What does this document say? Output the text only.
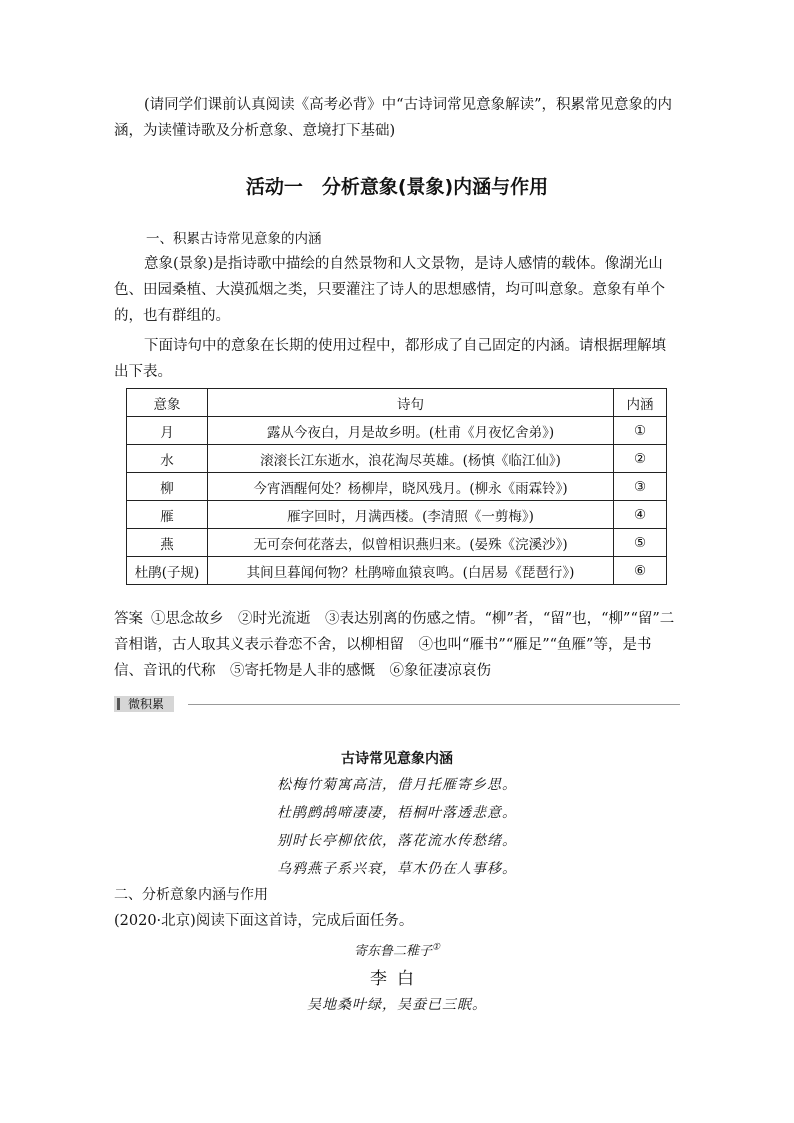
(请同学们课前认真阅读《高考必背》中“古诗词常见意象解读”，积累常见意象的内涵，为读懂诗歌及分析意象、意境打下基础)

活动一　分析意象(景象)内涵与作用

一、积累古诗常见意象的内涵

意象(景象)是指诗歌中描绘的自然景物和人文景物，是诗人感情的载体。像湖光山色、田园桑植、大漠孤烟之类，只要灌注了诗人的思想感情，均可叫意象。意象有单个的，也有群组的。

下面诗句中的意象在长期的使用过程中，都形成了自己固定的内涵。请根据理解填出下表。

意象	诗句	内涵
月	露从今夜白，月是故乡明。(杜甫《月夜忆舍弟》)	①
水	滚滚长江东逝水，浪花淘尽英雄。(杨慎《临江仙》)	②
柳	今宵酒醒何处？杨柳岸，晓风残月。(柳永《雨霖铃》)	③
雁	雁字回时，月满西楼。(李清照《一剪梅》)	④
燕	无可奈何花落去，似曾相识燕归来。(晏殊《浣溪沙》)	⑤
杜鹃(子规)	其间旦暮闻何物？杜鹃啼血猿哀鸣。(白居易《琵琶行》)	⑥

答案 ①思念故乡　②时光流逝　③表达别离的伤感之情。“柳”者，“留”也，“柳”“留”二音相谐，古人取其义表示眷恋不舍，以柳相留　④也叫“雁书”“雁足”“鱼雁”等，是书信、音讯的代称　⑤寄托物是人非的感慨　⑥象征凄凉哀伤

微积累
古诗常见意象内涵
松梅竹菊寓高洁，借月托雁寄乡思。
杜鹃鹧鸪啼凄凄，梧桐叶落透悲意。
别时长亭柳依依，落花流水传愁绪。
乌鸦燕子系兴衰，草木仍在人事移。

二、分析意象内涵与作用

(2020·北京)阅读下面这首诗，完成后面任务。

寄东鲁二稚子①
李白
吴地桑叶绿，吴蚕已三眠。
